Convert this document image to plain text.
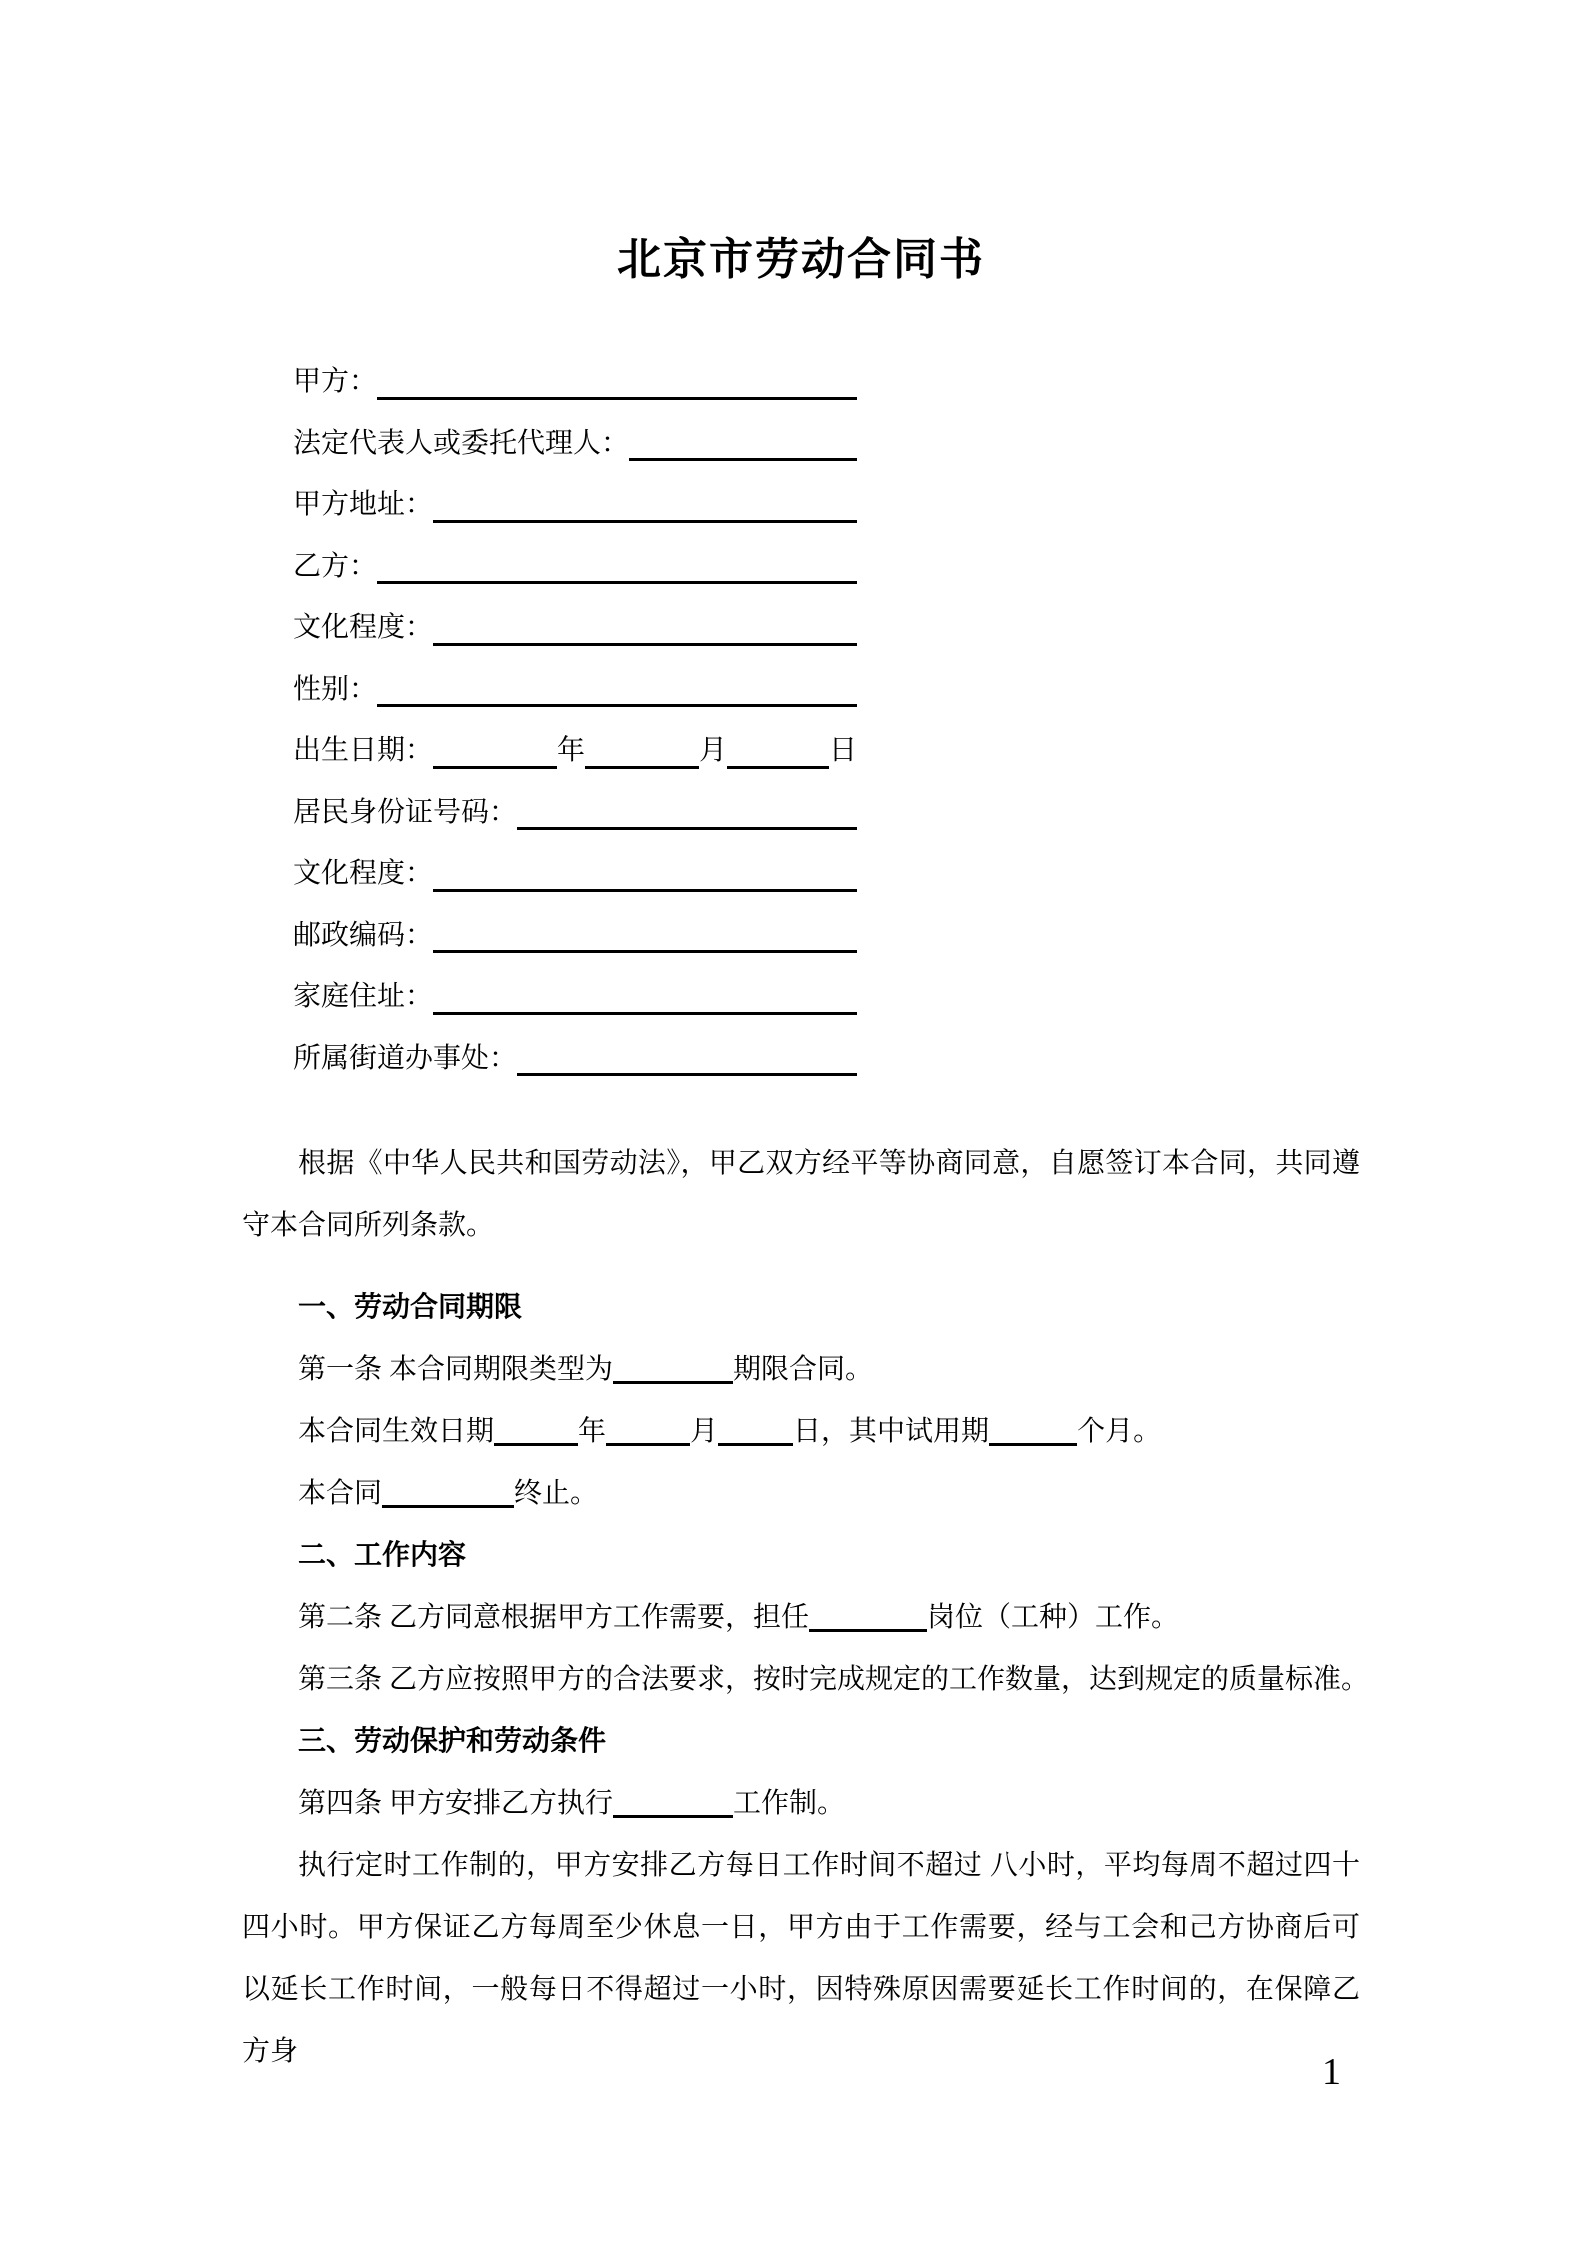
北京市劳动合同书
甲方：
法定代表人或委托代理人：
甲方地址：
乙方：
文化程度：
性别：
出生日期：	年	月	日
居民身份证号码：
文化程度：
邮政编码：
家庭住址：
所属街道办事处：
根据《中华人民共和国劳动法》，甲乙双方经平等协商同意，自愿签订本合同，共同遵守本合同所列条款。
一、劳动合同期限
第一条 本合同期限类型为	期限合同。
本合同生效日期	年	月	日，其中试用期	个月。
本合同	终止。
二、工作内容
第二条 乙方同意根据甲方工作需要，担任	岗位（工种）工作。
第三条 乙方应按照甲方的合法要求，按时完成规定的工作数量，达到规定的质量标准。
三、劳动保护和劳动条件
第四条 甲方安排乙方执行	工作制。
执行定时工作制的，甲方安排乙方每日工作时间不超过 八小时，平均每周不超过四十四小时。甲方保证乙方每周至少休息一日，甲方由于工作需要，经与工会和己方协商后可以延长工作时间，一般每日不得超过一小时，因特殊原因需要延长工作时间的，在保障乙方身	1
